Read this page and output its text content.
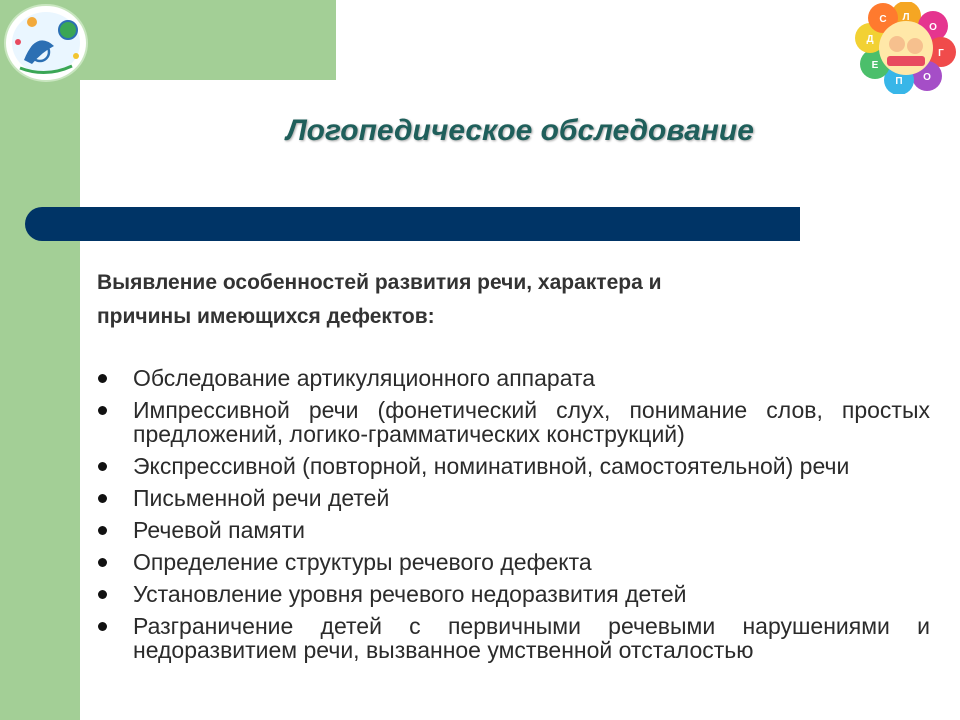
Л
О
Г
О
П
Е
Д
С
Логопедическое обследование

Выявление особенностей развития речи, характера и
причины имеющихся дефектов:

Обследование артикуляционного аппарата
Импрессивной речи (фонетический слух, понимание слов, простых предложений, логико-грамматических конструкций)
Экспрессивной (повторной, номинативной, самостоятельной) речи
Письменной речи детей
Речевой памяти
Определение структуры речевого дефекта
Установление уровня речевого недоразвития детей
Разграничение детей с первичными речевыми нарушениями и недоразвитием речи, вызванное умственной отсталостью
